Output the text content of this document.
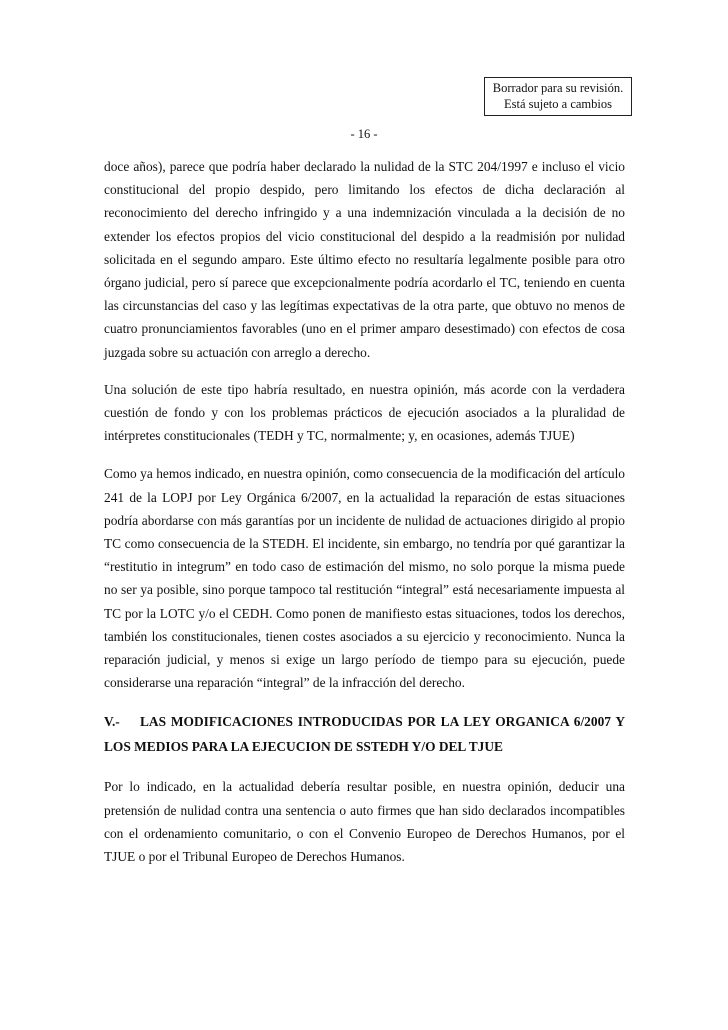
Borrador para su revisión.
Está sujeto a cambios
- 16 -

doce años), parece que podría haber declarado la nulidad de la STC 204/1997 e incluso el vicio constitucional del propio despido, pero limitando los efectos de dicha declaración al reconocimiento del derecho infringido y a una indemnización vinculada a la decisión de no extender los efectos propios del vicio constitucional del despido a la readmisión por nulidad solicitada en el segundo amparo. Este último efecto no resultaría legalmente posible para otro órgano judicial, pero sí parece que excepcionalmente podría acordarlo el TC, teniendo en cuenta las circunstancias del caso y las legítimas expectativas de la otra parte, que obtuvo no menos de cuatro pronunciamientos favorables (uno en el primer amparo desestimado) con efectos de cosa juzgada sobre su actuación con arreglo a derecho.

Una solución de este tipo habría resultado, en nuestra opinión, más acorde con la verdadera cuestión de fondo y con los problemas prácticos de ejecución asociados a la pluralidad de intérpretes constitucionales (TEDH y TC, normalmente; y, en ocasiones, además TJUE)

Como ya hemos indicado, en nuestra opinión, como consecuencia de la modificación del artículo 241 de la LOPJ por Ley Orgánica 6/2007, en la actualidad la reparación de estas situaciones podría abordarse con más garantías por un incidente de nulidad de actuaciones dirigido al propio TC como consecuencia de la STEDH. El incidente, sin embargo, no tendría por qué garantizar la “restitutio in integrum” en todo caso de estimación del mismo, no solo porque la misma puede no ser ya posible, sino porque tampoco tal restitución “integral” está necesariamente impuesta al TC por la LOTC y/o el CEDH. Como ponen de manifiesto estas situaciones, todos los derechos, también los constitucionales, tienen costes asociados a su ejercicio y reconocimiento. Nunca la reparación judicial, y menos si exige un largo período de tiempo para su ejecución, puede considerarse una reparación “integral” de la infracción del derecho.

V.- LAS MODIFICACIONES INTRODUCIDAS POR LA LEY ORGANICA 6/2007 Y LOS MEDIOS PARA LA EJECUCION DE SSTEDH Y/O DEL TJUE

Por lo indicado, en la actualidad debería resultar posible, en nuestra opinión, deducir una pretensión de nulidad contra una sentencia o auto firmes que han sido declarados incompatibles con el ordenamiento comunitario, o con el Convenio Europeo de Derechos Humanos, por el TJUE o por el Tribunal Europeo de Derechos Humanos.
